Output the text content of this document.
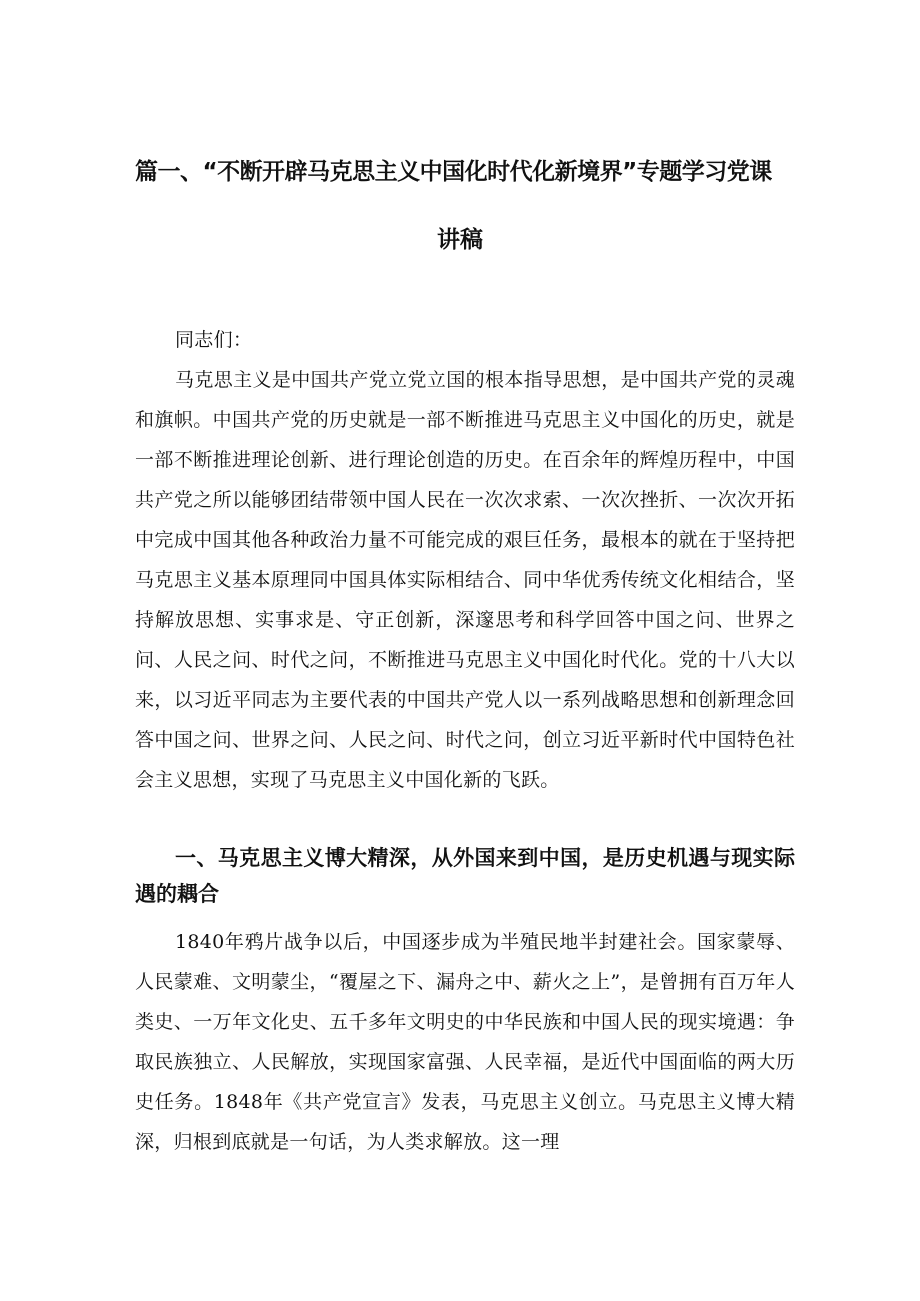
篇一、“不断开辟马克思主义中国化时代化新境界”专题学习党课
讲稿

同志们：

马克思主义是中国共产党立党立国的根本指导思想，是中国共产党的灵魂和旗帜。中国共产党的历史就是一部不断推进马克思主义中国化的历史，就是一部不断推进理论创新、进行理论创造的历史。在百余年的辉煌历程中，中国共产党之所以能够团结带领中国人民在一次次求索、一次次挫折、一次次开拓中完成中国其他各种政治力量不可能完成的艰巨任务，最根本的就在于坚持把马克思主义基本原理同中国具体实际相结合、同中华优秀传统文化相结合，坚持解放思想、实事求是、守正创新，深邃思考和科学回答中国之问、世界之问、人民之问、时代之问，不断推进马克思主义中国化时代化。党的十八大以来，以习近平同志为主要代表的中国共产党人以一系列战略思想和创新理念回答中国之问、世界之问、人民之问、时代之问，创立习近平新时代中国特色社会主义思想，实现了马克思主义中国化新的飞跃。

一、马克思主义博大精深，从外国来到中国，是历史机遇与现实际遇的耦合

1840年鸦片战争以后，中国逐步成为半殖民地半封建社会。国家蒙辱、人民蒙难、文明蒙尘，“覆屋之下、漏舟之中、薪火之上”，是曾拥有百万年人类史、一万年文化史、五千多年文明史的中华民族和中国人民的现实境遇：争取民族独立、人民解放，实现国家富强、人民幸福，是近代中国面临的两大历史任务。1848年《共产党宣言》发表，马克思主义创立。马克思主义博大精深，归根到底就是一句话，为人类求解放。这一理
